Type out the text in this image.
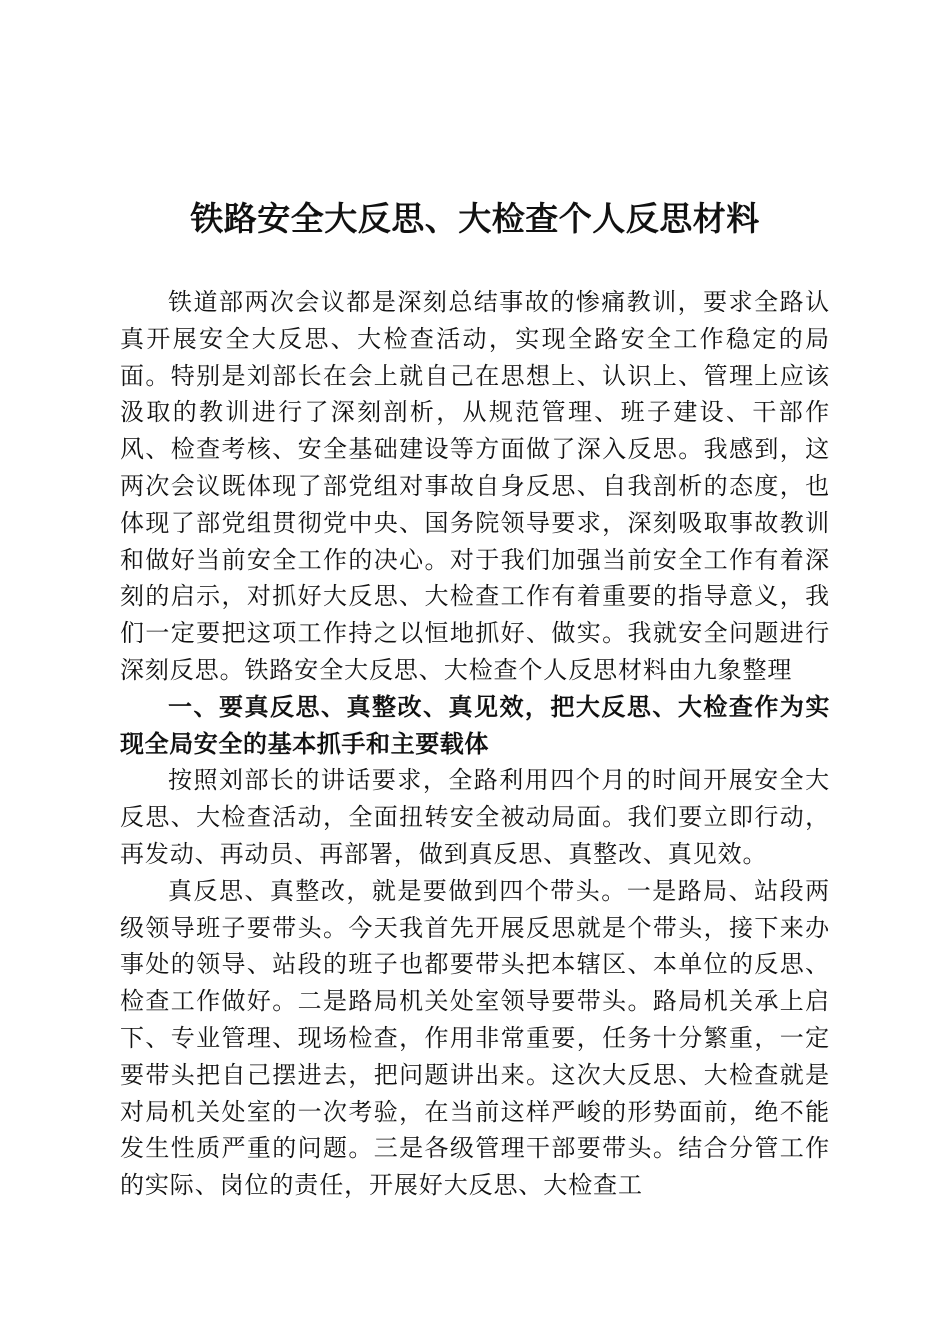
铁路安全大反思、大检查个人反思材料

铁道部两次会议都是深刻总结事故的惨痛教训，要求全路认真开展安全大反思、大检查活动，实现全路安全工作稳定的局面。特别是刘部长在会上就自己在思想上、认识上、管理上应该汲取的教训进行了深刻剖析，从规范管理、班子建设、干部作风、检查考核、安全基础建设等方面做了深入反思。我感到，这两次会议既体现了部党组对事故自身反思、自我剖析的态度，也体现了部党组贯彻党中央、国务院领导要求，深刻吸取事故教训和做好当前安全工作的决心。对于我们加强当前安全工作有着深刻的启示，对抓好大反思、大检查工作有着重要的指导意义，我们一定要把这项工作持之以恒地抓好、做实。我就安全问题进行深刻反思。铁路安全大反思、大检查个人反思材料由九象整理

一、要真反思、真整改、真见效，把大反思、大检查作为实现全局安全的基本抓手和主要载体

按照刘部长的讲话要求，全路利用四个月的时间开展安全大反思、大检查活动，全面扭转安全被动局面。我们要立即行动，再发动、再动员、再部署，做到真反思、真整改、真见效。

真反思、真整改，就是要做到四个带头。一是路局、站段两级领导班子要带头。今天我首先开展反思就是个带头，接下来办事处的领导、站段的班子也都要带头把本辖区、本单位的反思、检查工作做好。二是路局机关处室领导要带头。路局机关承上启下、专业管理、现场检查，作用非常重要，任务十分繁重，一定要带头把自己摆进去，把问题讲出来。这次大反思、大检查就是对局机关处室的一次考验，在当前这样严峻的形势面前，绝不能发生性质严重的问题。三是各级管理干部要带头。结合分管工作的实际、岗位的责任，开展好大反思、大检查工
